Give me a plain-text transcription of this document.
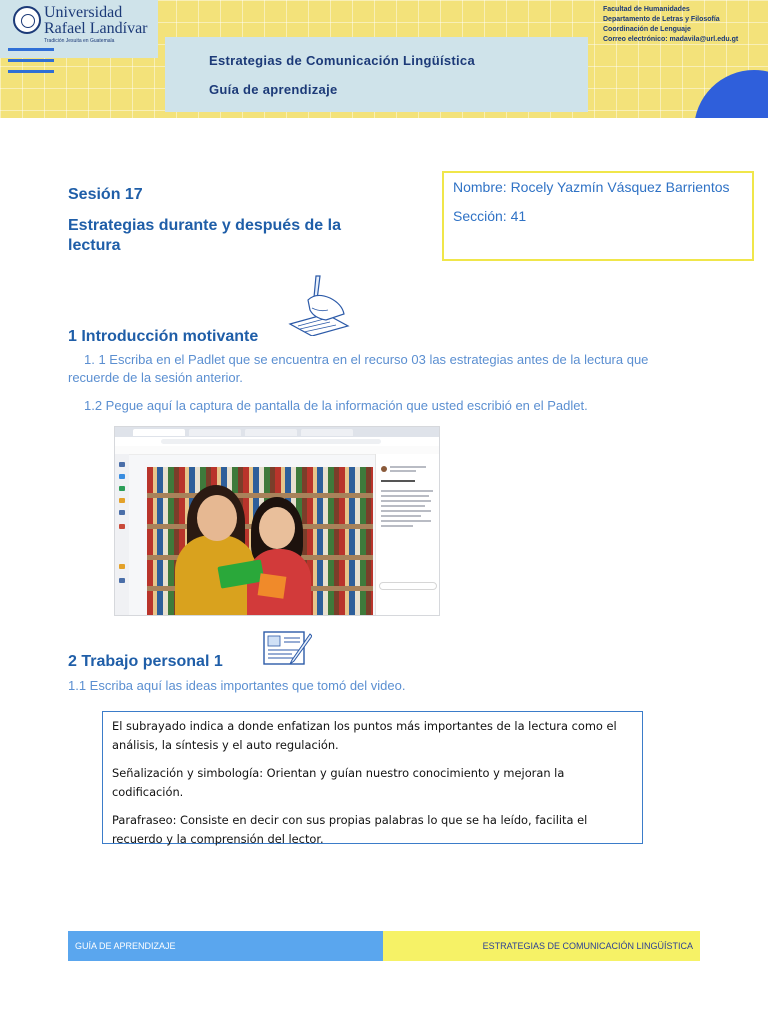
Universidad
Rafael Landívar
Tradición Jesuita en Guatemala
Estrategias de Comunicación Lingüística
Guía de aprendizaje
Facultad de Humanidades
Departamento de Letras y Filosofía
Coordinación de Lenguaje
Correo electrónico: madavila@url.edu.gt
Sesión 17
Estrategias durante y después de la lectura

Nombre: Rocely Yazmín Vásquez Barrientos

Sección: 41

1 Introducción motivante
1. 1 Escriba en el Padlet que se encuentra en el recurso 03 las estrategias antes de la lectura que recuerde de la sesión anterior.
1.2 Pegue aquí la captura de pantalla de la información que usted escribió en el Padlet.
2 Trabajo personal 1
1.1 Escriba aquí las ideas importantes que tomó del video.

El subrayado indica a donde enfatizan los puntos más importantes de la lectura como el análisis, la síntesis y el auto regulación.

Señalización y simbología: Orientan y guían nuestro conocimiento y mejoran la codificación.

Parafraseo: Consiste en decir con sus propias palabras lo que se ha leído, facilita el recuerdo y la comprensión del lector.

GUÍA DE APRENDIZAJE	ESTRATEGIAS DE COMUNICACIÓN LINGÜÍSTICA
